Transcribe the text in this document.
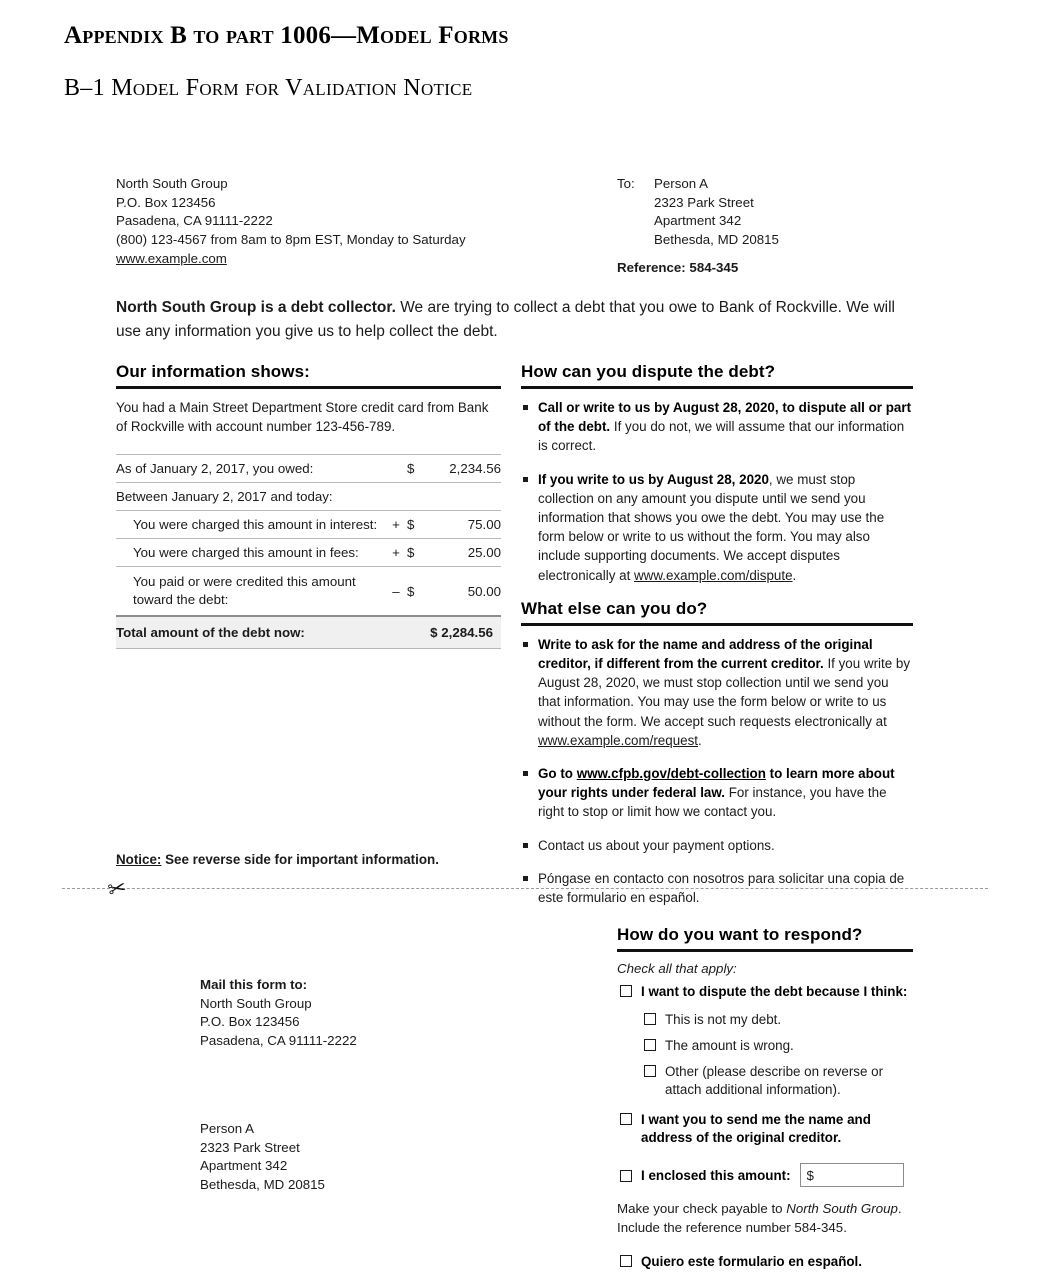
Appendix B to part 1006—Model Forms
B–1 Model Form for Validation Notice
North South Group
P.O. Box 123456
Pasadena, CA 91111-2222
(800) 123-4567 from 8am to 8pm EST, Monday to Saturday
www.example.com
To:	Person A
2323 Park Street
Apartment 342
Bethesda, MD 20815
Reference: 584-345
North South Group is a debt collector. We are trying to collect a debt that you owe to Bank of Rockville. We will use any information you give us to help collect the debt.
Our information shows:
You had a Main Street Department Store credit card from Bank of Rockville with account number 123-456-789.
As of January 2, 2017, you owed:		$	2,234.56
Between January 2, 2017 and today:			
You were charged this amount in interest:	+	$	75.00
You were charged this amount in fees:	+	$	25.00
You paid or were credited this amount toward the debt:	–	$	50.00
Total amount of the debt now:	$ 2,284.56		
How can you dispute the debt?
Call or write to us by August 28, 2020, to dispute all or part of the debt. If you do not, we will assume that our information is correct.
If you write to us by August 28, 2020, we must stop collection on any amount you dispute until we send you information that shows you owe the debt. You may use the form below or write to us without the form. You may also include supporting documents. We accept disputes electronically at www.example.com/dispute.
What else can you do?
Write to ask for the name and address of the original creditor, if different from the current creditor. If you write by August 28, 2020, we must stop collection until we send you that information. You may use the form below or write to us without the form. We accept such requests electronically at www.example.com/request.
Go to www.cfpb.gov/debt-collection to learn more about your rights under federal law. For instance, you have the right to stop or limit how we contact you.
Contact us about your payment options.
Póngase en contacto con nosotros para solicitar una copia de este formulario en español.
Notice: See reverse side for important information.
✂
Mail this form to:
North South Group
P.O. Box 123456
Pasadena, CA 91111-2222
Person A
2323 Park Street
Apartment 342
Bethesda, MD 20815
How do you want to respond?
Check all that apply:
I want to dispute the debt because I think:
This is not my debt.
The amount is wrong.
Other (please describe on reverse or attach additional information).
I want you to send me the name and address of the original creditor.
I enclosed this amount:
$
Make your check payable to North South Group. Include the reference number 584-345.
Quiero este formulario en español.
